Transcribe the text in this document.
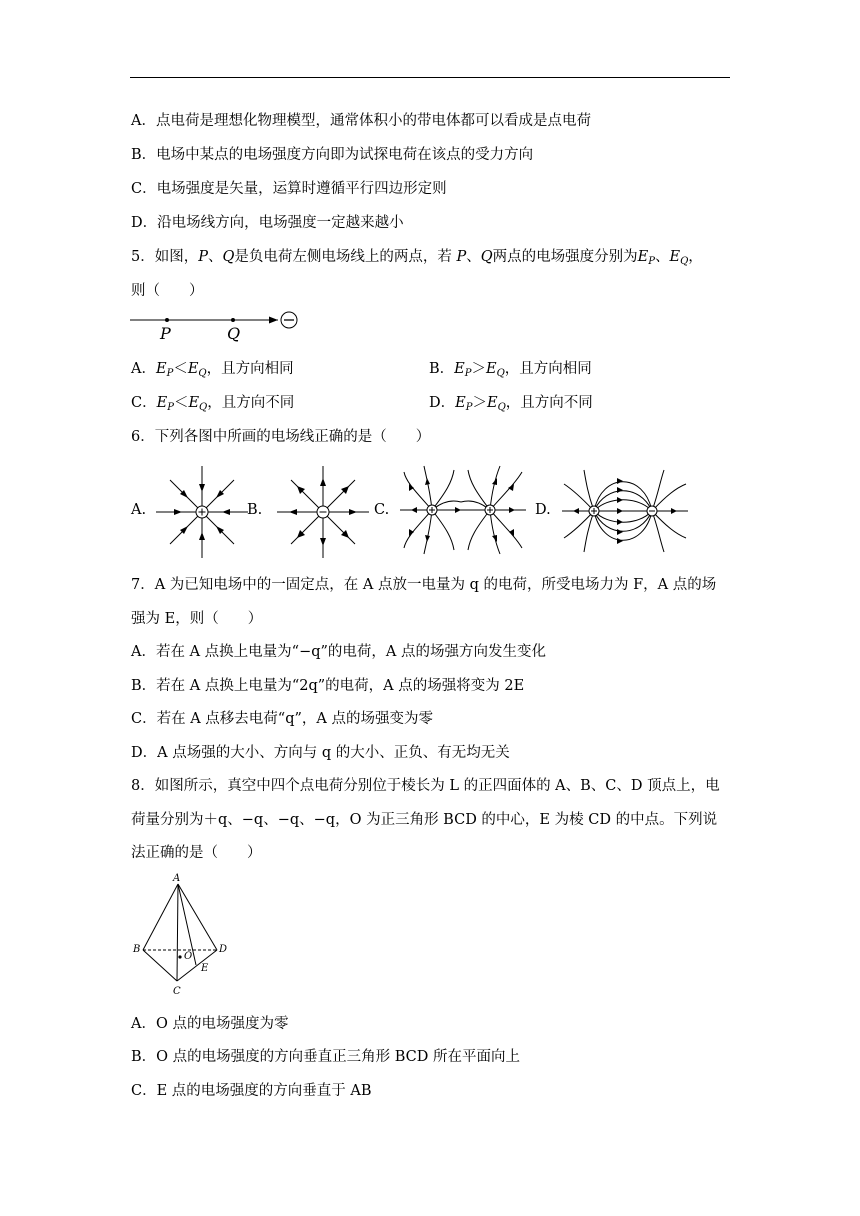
A．点电荷是理想化物理模型，通常体积小的带电体都可以看成是点电荷
B．电场中某点的电场强度方向即为试探电荷在该点的受力方向
C．电场强度是矢量，运算时遵循平行四边形定则
D．沿电场线方向，电场强度一定越来越小
5．如图，P、Q是负电荷左侧电场线上的两点，若 P、Q两点的电场强度分别为$E_P$、$E_Q$，
则（　　）
P	Q
A．$E_P<E_Q$，且方向相同	B．$E_P>E_Q$，且方向相同
C．$E_P<E_Q$，且方向不同	D．$E_P>E_Q$，且方向不同
6．下列各图中所画的电场线正确的是（　　）
A.	B.	C.	D.
7．A 为已知电场中的一固定点，在 A 点放一电量为 q 的电荷，所受电场力为 F，A 点的场
强为 E，则（　　）
A．若在 A 点换上电量为“−q”的电荷，A 点的场强方向发生变化
B．若在 A 点换上电量为“2q”的电荷，A 点的场强将变为 2E
C．若在 A 点移去电荷“q”，A 点的场强变为零
D．A 点场强的大小、方向与 q 的大小、正负、有无均无关
8．如图所示，真空中四个点电荷分别位于棱长为 L 的正四面体的 A、B、C、D 顶点上，电
荷量分别为＋q、−q、−q、−q，O 为正三角形 BCD 的中心，E 为棱 CD 的中点。下列说
法正确的是（　　）
A
B
C
D
O
E
A．O 点的电场强度为零
B．O 点的电场强度的方向垂直正三角形 BCD 所在平面向上
C．E 点的电场强度的方向垂直于 AB
